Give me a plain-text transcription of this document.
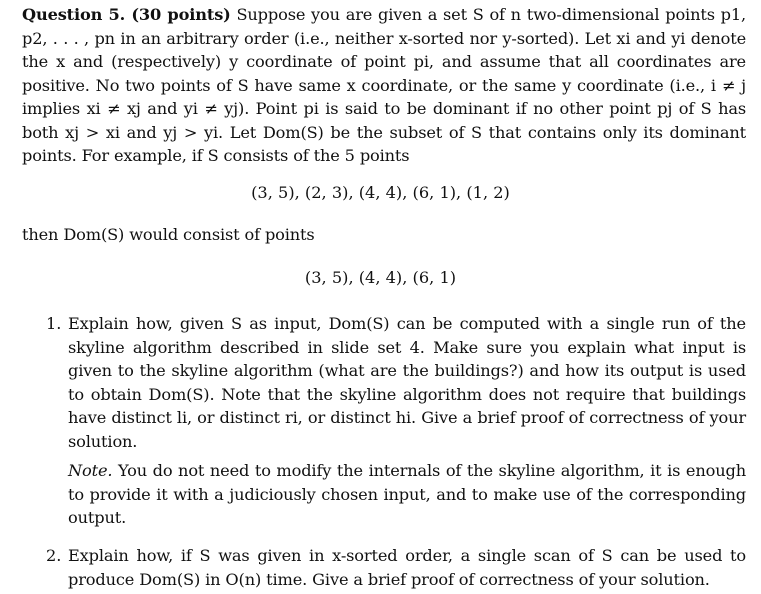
Question 5. (30 points) Suppose you are given a set S of n two-dimensional points p1, p2, . . . , pn in an arbitrary order (i.e., neither x-sorted nor y-sorted). Let xi and yi denote the x and (respectively) y coordinate of point pi, and assume that all coordinates are positive. No two points of S have same x coordinate, or the same y coordinate (i.e., i ≠ j implies xi ≠ xj and yi ≠ yj). Point pi is said to be dominant if no other point pj of S has both xj > xi and yj > yi. Let Dom(S) be the subset of S that contains only its dominant points. For example, if S consists of the 5 points
(3, 5), (2, 3), (4, 4), (6, 1), (1, 2)
then Dom(S) would consist of points
(3, 5), (4, 4), (6, 1)
1. Explain how, given S as input, Dom(S) can be computed with a single run of the skyline algorithm described in slide set 4. Make sure you explain what input is given to the skyline algorithm (what are the buildings?) and how its output is used to obtain Dom(S). Note that the skyline algorithm does not require that buildings have distinct li, or distinct ri, or distinct hi. Give a brief proof of correctness of your solution.
Note. You do not need to modify the internals of the skyline algorithm, it is enough to provide it with a judiciously chosen input, and to make use of the corresponding output.
2. Explain how, if S was given in x-sorted order, a single scan of S can be used to produce Dom(S) in O(n) time. Give a brief proof of correctness of your solution.
